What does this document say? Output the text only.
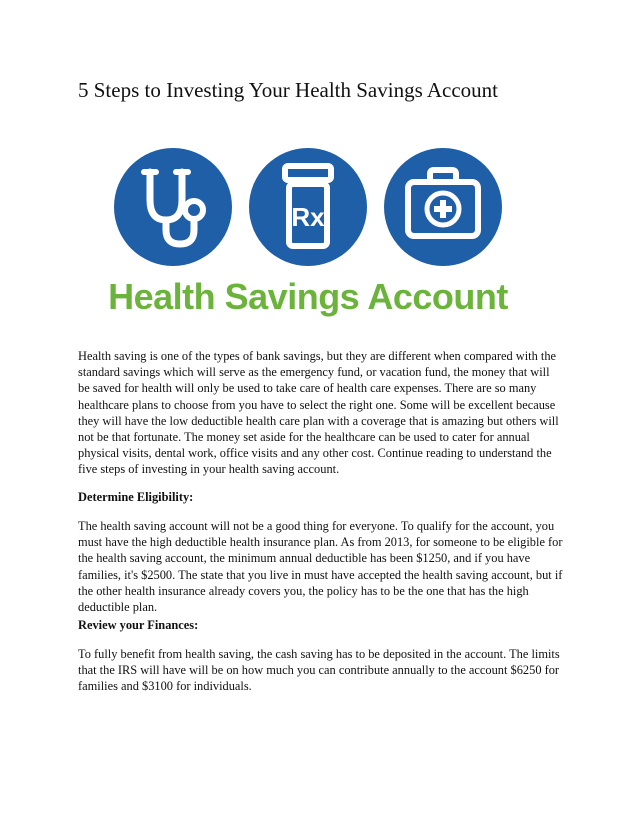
5 Steps to Investing Your Health Savings Account
Rx
Health Savings Account

Health saving is one of the types of bank savings, but they are different when compared with the standard savings which will serve as the emergency fund, or vacation fund, the money that will be saved for health will only be used to take care of health care expenses. There are so many healthcare plans to choose from you have to select the right one. Some will be excellent because they will have the low deductible health care plan with a coverage that is amazing but others will not be that fortunate. The money set aside for the healthcare can be used to cater for annual physical visits, dental work, office visits and any other cost. Continue reading to understand the five steps of investing in your health saving account.

Determine Eligibility:

The health saving account will not be a good thing for everyone. To qualify for the account, you must have the high deductible health insurance plan. As from 2013, for someone to be eligible for the health saving account, the minimum annual deductible has been $1250, and if you have families, it's $2500. The state that you live in must have accepted the health saving account, but if the other health insurance already covers you, the policy has to be the one that has the high deductible plan.

Review your Finances:

To fully benefit from health saving, the cash saving has to be deposited in the account. The limits that the IRS will have will be on how much you can contribute annually to the account $6250 for families and $3100 for individuals.
